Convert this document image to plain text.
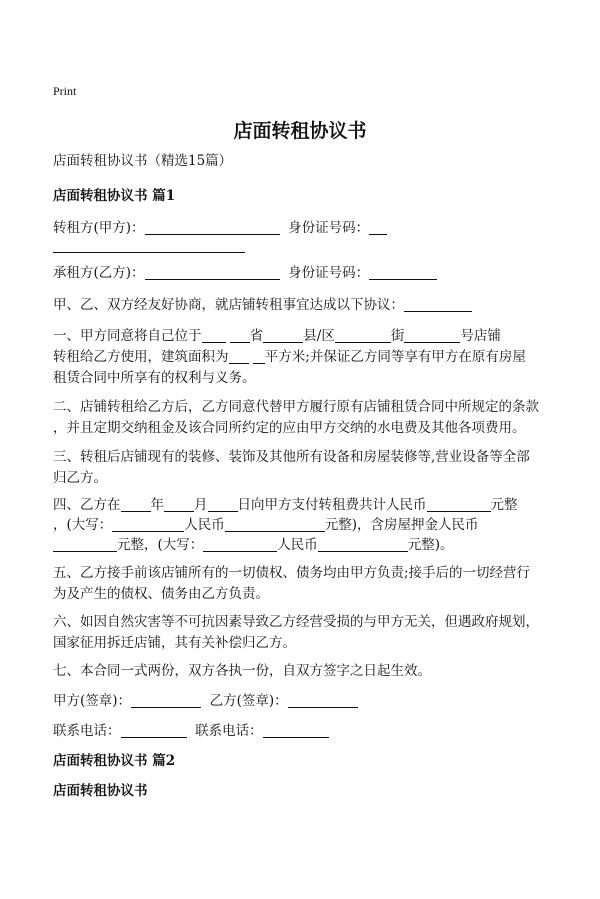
Print
店面转租协议书
店面转租协议书（精选15篇）
店面转租协议书 篇1
转租方(甲方)：	身份证号码：
承租方(乙方)：	身份证号码：
甲、乙、双方经友好协商，就店铺转租事宜达成以下协议：
一、甲方同意将自己位于	省	县/区	街	号店铺
转租给乙方使用，建筑面积为	平方米;并保证乙方同等享有甲方在原有房屋
租赁合同中所享有的权利与义务。
二、店铺转租给乙方后，乙方同意代替甲方履行原有店铺租赁合同中所规定的条款
，并且定期交纳租金及该合同所约定的应由甲方交纳的水电费及其他各项费用。
三、转租后店铺现有的装修、装饰及其他所有设备和房屋装修等,营业设备等全部
归乙方。
四、乙方在 年 月 日向甲方支付转租费共计人民币	元整
，(大写：	人民币	元整)，含房屋押金人民币
元整，(大写：	人民币	元整)。
五、乙方接手前该店铺所有的一切债权、债务均由甲方负责;接手后的一切经营行
为及产生的债权、债务由乙方负责。
六、如因自然灾害等不可抗因素导致乙方经营受损的与甲方无关，但遇政府规划，
国家征用拆迁店铺，其有关补偿归乙方。
七、本合同一式两份，双方各执一份，自双方签字之日起生效。
甲方(签章)：	乙方(签章)：
联系电话：	联系电话：
店面转租协议书 篇2
店面转租协议书
